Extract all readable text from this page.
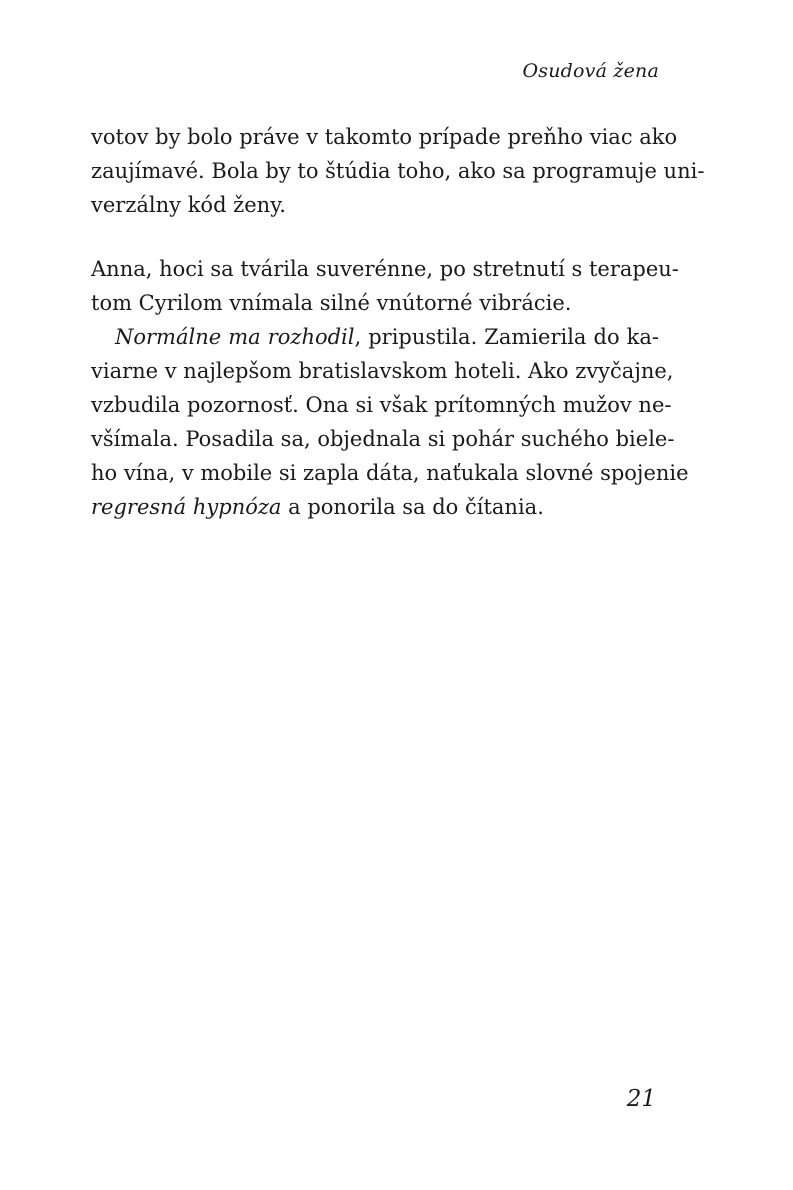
Osudová žena
votov by bolo práve v takomto prípade preňho viac ako
zaujímavé. Bola by to štúdia toho, ako sa programuje uni-
verzálny kód ženy.
Anna, hoci sa tvárila suverénne, po stretnutí s terapeu-
tom Cyrilom vnímala silné vnútorné vibrácie.
Normálne ma rozhodil, pripustila. Zamierila do ka-
viarne v najlepšom bratislavskom hoteli. Ako zvyčajne,
vzbudila pozornosť. Ona si však prítomných mužov ne-
všímala. Posadila sa, objednala si pohár suchého biele-
ho vína, v mobile si zapla dáta, naťukala slovné spojenie
regresná hypnóza a ponorila sa do čítania.
21
